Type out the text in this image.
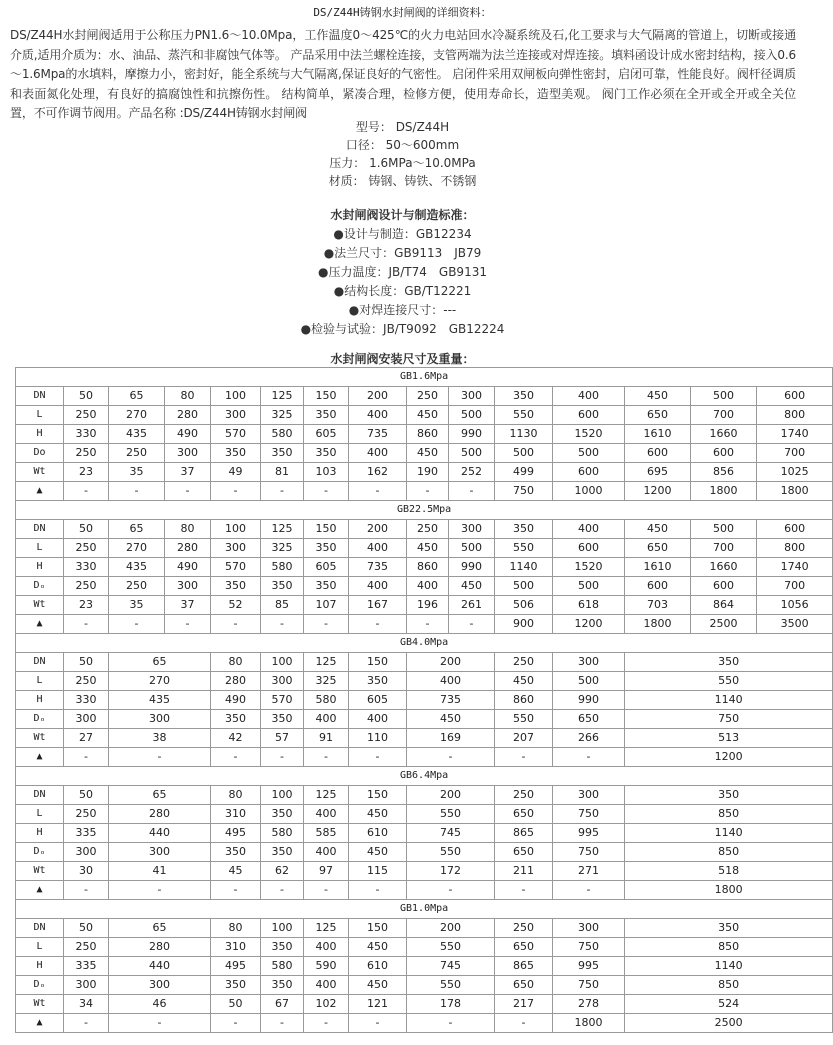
DS/Z44H铸钢水封闸阀的详细资料：
DS/Z44H水封闸阀适用于公称压力PN1.6～10.0Mpa，工作温度0～425℃的火力电站回水冷凝系统及石,化工要求与大气隔离的管道上，切断或接通介质,适用介质为：水、油品、蒸汽和非腐蚀气体等。 产品采用中法兰螺栓连接，支管两端为法兰连接或对焊连接。填料函设计成水密封结构，接入0.6～1.6Mpa的水填料，摩擦力小，密封好，能全系统与大气隔离,保证良好的气密性。 启闭件采用双闸板向弹性密封，启闭可靠，性能良好。阀杆径调质和表面氮化处理，有良好的搞腐蚀性和抗擦伤性。 结构简单，紧凑合理，检修方便，使用寿命长，造型美观。 阀门工作必须在全开或全开或全关位置，不可作调节阀用。产品名称 :DS/Z44H铸钢水封闸阀
型号： DS/Z44H
口径： 50～600mm
压力： 1.6MPa～10.0MPa
材质： 铸钢、铸铁、不锈钢
水封闸阀设计与制造标准：
●设计与制造：GB12234
●法兰尺寸：GB9113　JB79
●压力温度：JB/T74　GB9131
●结构长度：GB/T12221
●对焊连接尺寸：---
●检验与试验：JB/T9092　GB12224
水封闸阀安装尺寸及重量：
GB1.6Mpa															
DN	50	65	80	100	125	150	200	250	300	350	400	450	500	600	
L	250	270	280	300	325	350	400	450	500	550	600	650	700	800	
H	330	435	490	570	580	605	735	860	990	1130	1520	1610	1660	1740	
Do	250	250	300	350	350	350	400	450	500	500	500	600	600	700	
Wt	23	35	37	49	81	103	162	190	252	499	600	695	856	1025	
▲	-	-	-	-	-	-	-	-	-	750	1000	1200	1800	1800	
GB22.5Mpa															
DN	50	65	80	100	125	150	200	250	300	350	400	450	500	600	
L	250	270	280	300	325	350	400	450	500	550	600	650	700	800	
H	330	435	490	570	580	605	735	860	990	1140	1520	1610	1660	1740	
Dₒ	250	250	300	350	350	350	400	400	450	500	500	600	600	700	
Wt	23	35	37	52	85	107	167	196	261	506	618	703	864	1056	
▲	-	-	-	-	-	-	-	-	-	900	1200	1800	2500	3500	
GB4.0Mpa															
DN	50	65		80	100	125	150	200		250	300	350	
L	250	270		280	300	325	350	400		450	500	550	
H	330	435		490	570	580	605	735		860	990	1140	
Dₒ	300	300		350	350	400	400	450		550	650	750	
Wt	27	38		42	57	91	110	169		207	266	513	
▲	-	-		-	-	-	-	-		-	-	1200	
GB6.4Mpa															
DN	50	65		80	100	125	150	200		250	300	350	
L	250	280		310	350	400	450	550		650	750	850	
H	335	440		495	580	585	610	745		865	995	1140	
Dₒ	300	300		350	350	400	450	550		650	750	850	
Wt	30	41		45	62	97	115	172		211	271	518	
▲	-	-		-	-	-	-	-		-	-	1800	
GB1.0Mpa															
DN	50	65		80	100	125	150	200		250	300	350	
L	250	280		310	350	400	450	550		650	750	850	
H	335	440		495	580	590	610	745		865	995	1140	
Dₒ	300	300		350	350	400	450	550		650	750	850	
Wt	34	46		50	67	102	121	178		217	278	524	
▲	-	-		-	-	-	-	-		-	1800	2500	
